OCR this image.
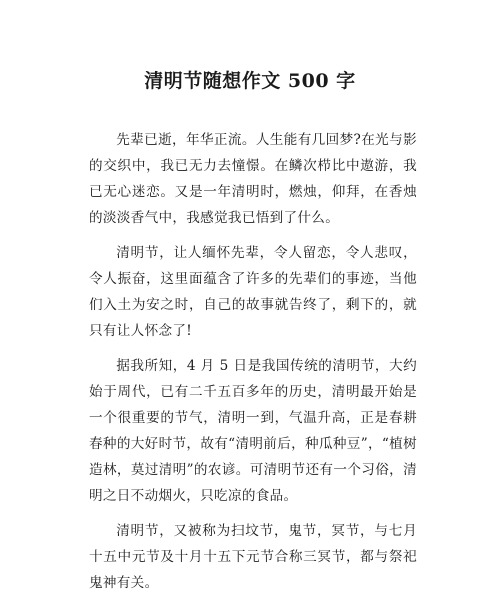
清明节随想作文 500 字

先辈已逝，年华正流。人生能有几回梦?在光与影的交织中，我已无力去憧憬。在鳞次栉比中遨游，我已无心迷恋。又是一年清明时，燃烛，仰拜，在香烛的淡淡香气中，我感觉我已悟到了什么。

清明节，让人缅怀先辈，令人留恋，令人悲叹，令人振奋，这里面蕴含了许多的先辈们的事迹，当他们入土为安之时，自己的故事就告终了，剩下的，就只有让人怀念了!

据我所知，4 月 5 日是我国传统的清明节，大约始于周代，已有二千五百多年的历史，清明最开始是一个很重要的节气，清明一到，气温升高，正是春耕春种的大好时节，故有“清明前后，种瓜种豆”，“植树造林，莫过清明”的农谚。可清明节还有一个习俗，清明之日不动烟火，只吃凉的食品。

清明节，又被称为扫坟节，鬼节，冥节，与七月十五中元节及十月十五下元节合称三冥节，都与祭祀鬼神有关。
